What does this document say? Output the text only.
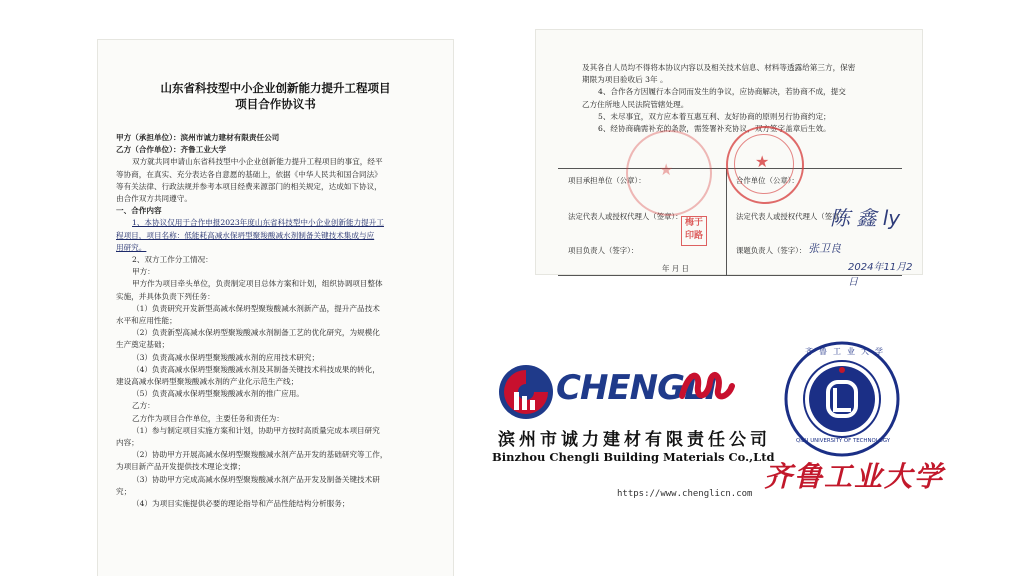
山东省科技型中小企业创新能力提升工程项目
项目合作协议书

甲方（承担单位）：滨州市诚力建材有限责任公司

乙方（合作单位）：齐鲁工业大学

双方就共同申请山东省科技型中小企业创新能力提升工程项目的事宜，经平

等协商，在真实、充分表达各自意愿的基础上，依据《中华人民共和国合同法》

等有关法律、行政法规并参考本项目经费来源部门的相关规定，达成如下协议，

由合作双方共同遵守。

一、合作内容

1、本协议仅用于合作申报2023年度山东省科技型中小企业创新能力提升工

程项目，项目名称：低能耗高减水保坍型聚羧酸减水剂制备关键技术集成与应

用研究。

2、双方工作分工情况：

甲方：

甲方作为项目牵头单位，负责制定项目总体方案和计划，组织协调项目整体

实施，并具体负责下列任务：

（1）负责研究开发新型高减水保坍型聚羧酸减水剂新产品，提升产品技术

水平和应用性能；

（2）负责新型高减水保坍型聚羧酸减水剂制备工艺的优化研究，为规模化

生产奠定基础；

（3）负责高减水保坍型聚羧酸减水剂的应用技术研究；

（4）负责高减水保坍型聚羧酸减水剂及其制备关键技术科技成果的转化，

建设高减水保坍型聚羧酸减水剂的产业化示范生产线；

（5）负责高减水保坍型聚羧酸减水剂的推广应用。

乙方：

乙方作为项目合作单位，主要任务和责任为：

（1）参与制定项目实施方案和计划，协助甲方按时高质量完成本项目研究

内容；

（2）协助甲方开展高减水保坍型聚羧酸减水剂产品开发的基础研究等工作，

为项目新产品开发提供技术理论支撑；

（3）协助甲方完成高减水保坍型聚羧酸减水剂产品开发及制备关键技术研

究；

（4）为项目实施提供必要的理论指导和产品性能结构分析服务；

及其各自人员均不得将本协议内容以及相关技术信息、材料等透露给第三方，保密

期限为项目验收后 3年 。

4、合作各方因履行本合同而发生的争议，应协商解决，若协商不成，提交

乙方住所地人民法院管辖处理。

5、未尽事宜，双方应本着互惠互利、友好协商的原则另行协商约定；

6、经协商确需补充的条款，需签署补充协议，双方签字盖章后生效。

项目承担单位（公章）：
法定代表人或授权代理人（签章）：
项目负责人（签字）：
年 月 日
合作单位（公章）：
法定代表人或授权代理人（签章）：
课题负责人（签字）：
★	★
梅于印路
陈 鑫 ly
张卫良
2024年11月2日
CHENGLI
滨州市诚力建材有限责任公司
Binzhou Chengli Building Materials Co.,Ltd
https://www.chenglicn.com
QILU UNIVERSITY OF TECHNOLOGY
齐鲁工业大学
齐鲁工业大学
